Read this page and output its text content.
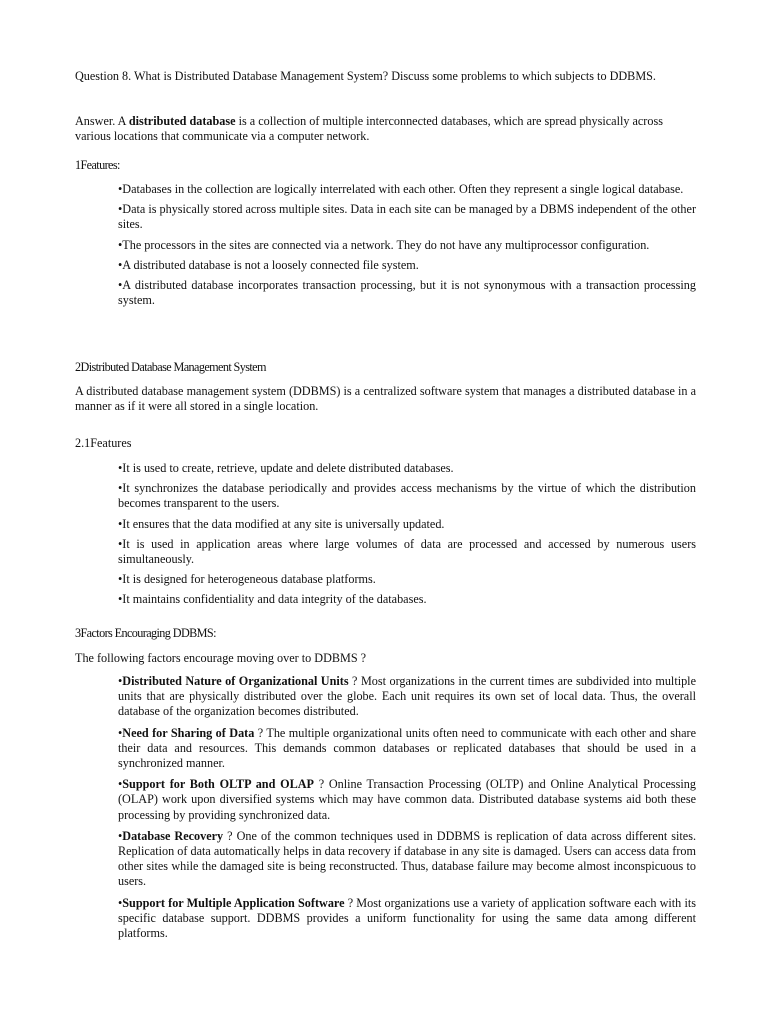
Question 8. What is Distributed Database Management System? Discuss some problems to which subjects to DDBMS.
Answer. A distributed database is a collection of multiple interconnected databases, which are spread physically across various locations that communicate via a computer network.
1Features:
•Databases in the collection are logically interrelated with each other. Often they represent a single logical database.
•Data is physically stored across multiple sites. Data in each site can be managed by a DBMS independent of the other sites.
•The processors in the sites are connected via a network. They do not have any multiprocessor configuration.
•A distributed database is not a loosely connected file system.
•A distributed database incorporates transaction processing, but it is not synonymous with a transaction processing system.
2Distributed Database Management System
A distributed database management system (DDBMS) is a centralized software system that manages a distributed database in a manner as if it were all stored in a single location.
2.1Features
•It is used to create, retrieve, update and delete distributed databases.
•It synchronizes the database periodically and provides access mechanisms by the virtue of which the distribution becomes transparent to the users.
•It ensures that the data modified at any site is universally updated.
•It is used in application areas where large volumes of data are processed and accessed by numerous users simultaneously.
•It is designed for heterogeneous database platforms.
•It maintains confidentiality and data integrity of the databases.
3Factors Encouraging DDBMS:
The following factors encourage moving over to DDBMS ?
•Distributed Nature of Organizational Units ? Most organizations in the current times are subdivided into multiple units that are physically distributed over the globe. Each unit requires its own set of local data. Thus, the overall database of the organization becomes distributed.
•Need for Sharing of Data ? The multiple organizational units often need to communicate with each other and share their data and resources. This demands common databases or replicated databases that should be used in a synchronized manner.
•Support for Both OLTP and OLAP ? Online Transaction Processing (OLTP) and Online Analytical Processing (OLAP) work upon diversified systems which may have common data. Distributed database systems aid both these processing by providing synchronized data.
•Database Recovery ? One of the common techniques used in DDBMS is replication of data across different sites. Replication of data automatically helps in data recovery if database in any site is damaged. Users can access data from other sites while the damaged site is being reconstructed. Thus, database failure may become almost inconspicuous to users.
•Support for Multiple Application Software ? Most organizations use a variety of application software each with its specific database support. DDBMS provides a uniform functionality for using the same data among different platforms.
